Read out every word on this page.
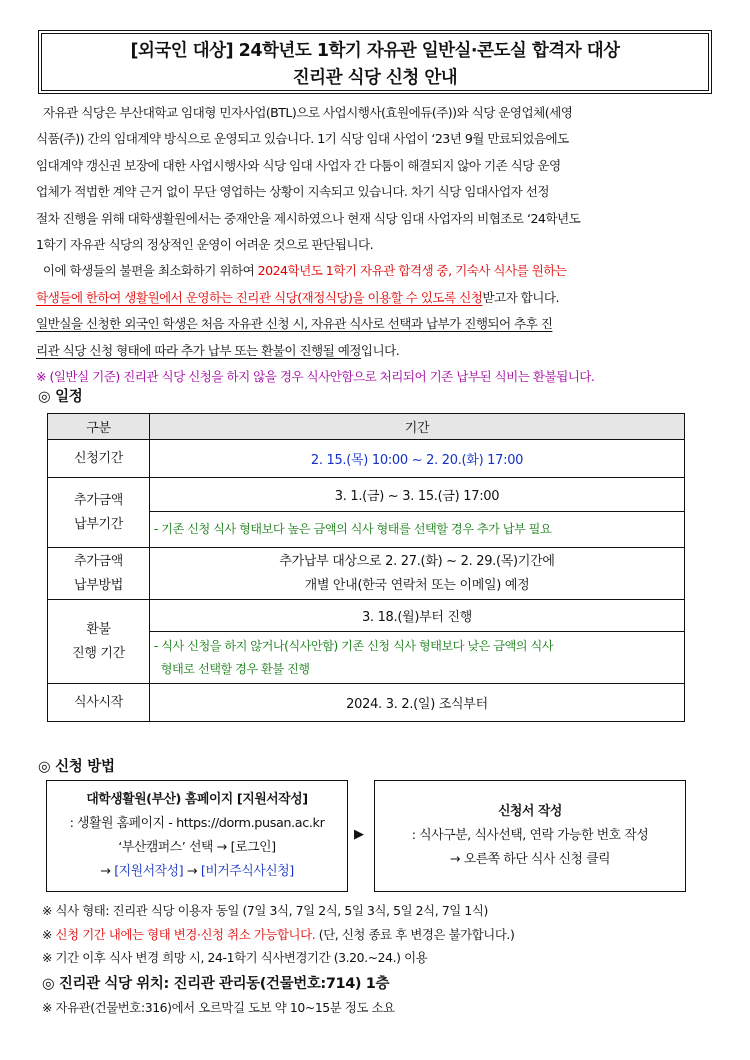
[외국인 대상] 24학년도 1학기 자유관 일반실·콘도실 합격자 대상
진리관 식당 신청 안내

자유관 식당은 부산대학교 임대형 민자사업(BTL)으로 사업시행사(효원에듀(주))와 식당 운영업체(세영

식품(주)) 간의 임대계약 방식으로 운영되고 있습니다. 1기 식당 임대 사업이 ‘23년 9월 만료되었음에도

임대계약 갱신권 보장에 대한 사업시행사와 식당 임대 사업자 간 다툼이 해결되지 않아 기존 식당 운영

업체가 적법한 계약 근거 없이 무단 영업하는 상황이 지속되고 있습니다. 차기 식당 임대사업자 선정

절차 진행을 위해 대학생활원에서는 중재안을 제시하였으나 현재 식당 임대 사업자의 비협조로 ‘24학년도

1학기 자유관 식당의 정상적인 운영이 어려운 것으로 판단됩니다.

이에 학생들의 불편을 최소화하기 위하여 2024학년도 1학기 자유관 합격생 중, 기숙사 식사를 원하는

학생들에 한하여 생활원에서 운영하는 진리관 식당(재정식당)을 이용할 수 있도록 신청받고자 합니다.

일반실을 신청한 외국인 학생은 처음 자유관 신청 시, 자유관 식사로 선택과 납부가 진행되어 추후 진

리관 식당 신청 형태에 따라 추가 납부 또는 환불이 진행될 예정입니다.

※ (일반실 기준) 진리관 식당 신청을 하지 않을 경우 식사안함으로 처리되어 기존 납부된 식비는 환불됩니다.

◎ 일정
구분	기간
신청기간	2. 15.(목) 10:00 ~ 2. 20.(화) 17:00
추가금액
납부기간	3. 1.(금) ~ 3. 15.(금) 17:00
	- 기존 신청 식사 형태보다 높은 금액의 식사 형태를 선택할 경우 추가 납부 필요
추가금액
납부방법	추가납부 대상으로 2. 27.(화) ~ 2. 29.(목)기간에
개별 안내(한국 연락처 또는 이메일) 예정
환불
진행 기간	3. 18.(월)부터 진행
	- 식사 신청을 하지 않거나(식사안함) 기존 신청 식사 형태보다 낮은 금액의 식사
형태로 선택할 경우 환불 진행
식사시작	2024. 3. 2.(일) 조식부터
◎ 신청 방법
대학생활원(부산) 홈페이지 [지원서작성]
: 생활원 홈페이지 - https://dorm.pusan.ac.kr
‘부산캠퍼스’ 선택 → [로그인]
→ [지원서작성] → [비거주식사신청]
▶
신청서 작성
: 식사구분, 식사선택, 연락 가능한 번호 작성
→ 오른쪽 하단 식사 신청 클릭

※ 식사 형태: 진리관 식당 이용자 동일 (7일 3식, 7일 2식, 5일 3식, 5일 2식, 7일 1식)

※ 신청 기간 내에는 형태 변경·신청 취소 가능합니다. (단, 신청 종료 후 변경은 불가합니다.)

※ 기간 이후 식사 변경 희망 시, 24-1학기 식사변경기간 (3.20.~24.) 이용

◎ 진리관 식당 위치: 진리관 관리동(건물번호:714) 1층

※ 자유관(건물번호:316)에서 오르막길 도보 약 10~15분 정도 소요
